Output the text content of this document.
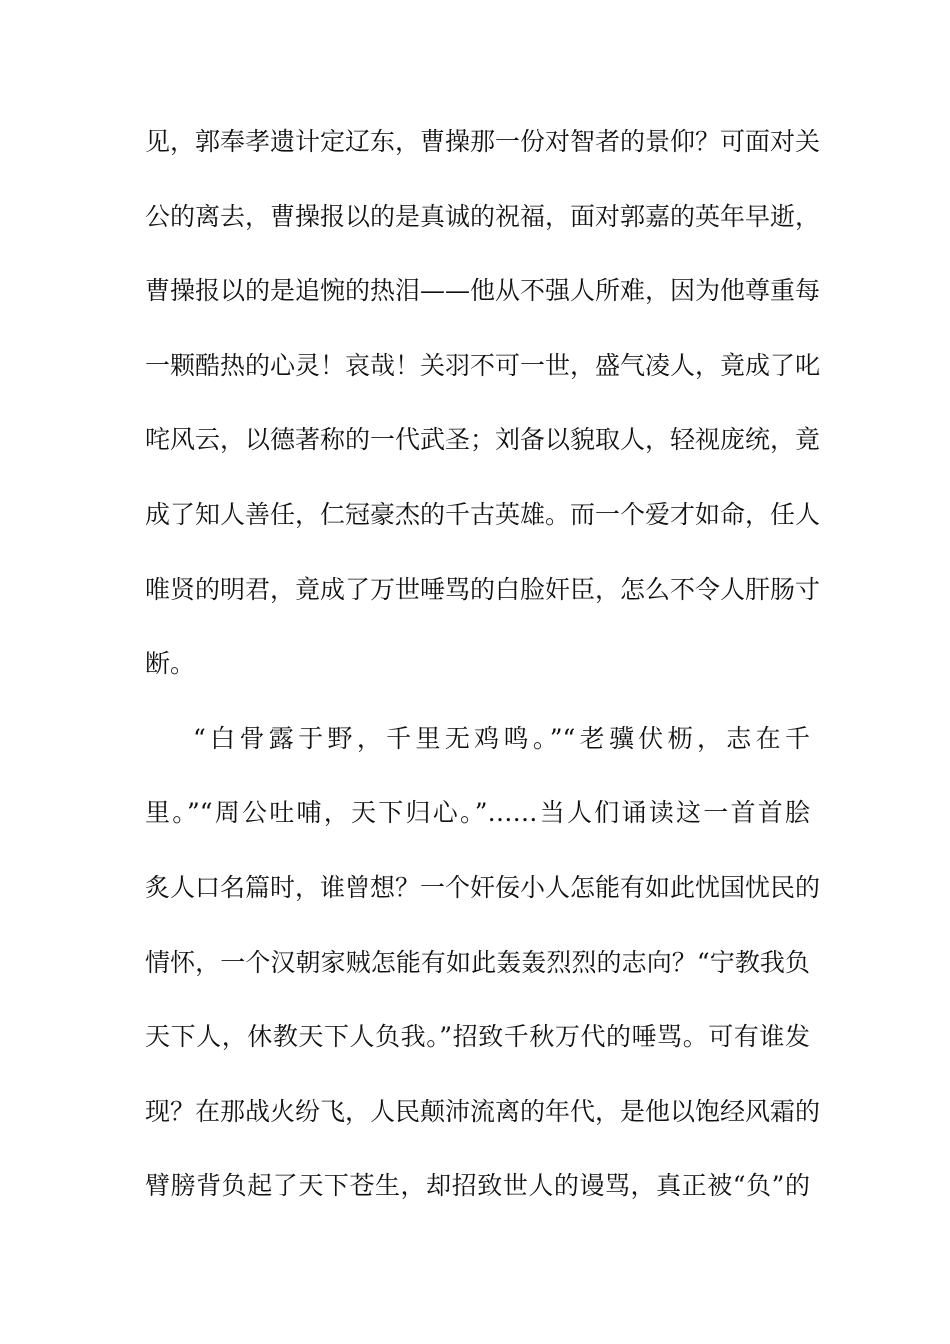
见，郭奉孝遗计定辽东，曹操那一份对智者的景仰？可面对关
公的离去，曹操报以的是真诚的祝福，面对郭嘉的英年早逝，
曹操报以的是追惋的热泪——他从不强人所难，因为他尊重每
一颗酷热的心灵！哀哉！关羽不可一世，盛气凌人，竟成了叱
咤风云，以德著称的一代武圣；刘备以貌取人，轻视庞统，竟
成了知人善任，仁冠豪杰的千古英雄。而一个爱才如命，任人
唯贤的明君，竟成了万世唾骂的白脸奸臣，怎么不令人肝肠寸
断。
“白骨露于野，千里无鸡鸣。”“老骥伏枥，志在千
里。”“周公吐哺，天下归心。”……当人们诵读这一首首脍
炙人口名篇时，谁曾想？一个奸佞小人怎能有如此忧国忧民的
情怀，一个汉朝家贼怎能有如此轰轰烈烈的志向？“宁教我负
天下人，休教天下人负我。”招致千秋万代的唾骂。可有谁发
现？在那战火纷飞，人民颠沛流离的年代，是他以饱经风霜的
臂膀背负起了天下苍生，却招致世人的谩骂，真正被“负”的
